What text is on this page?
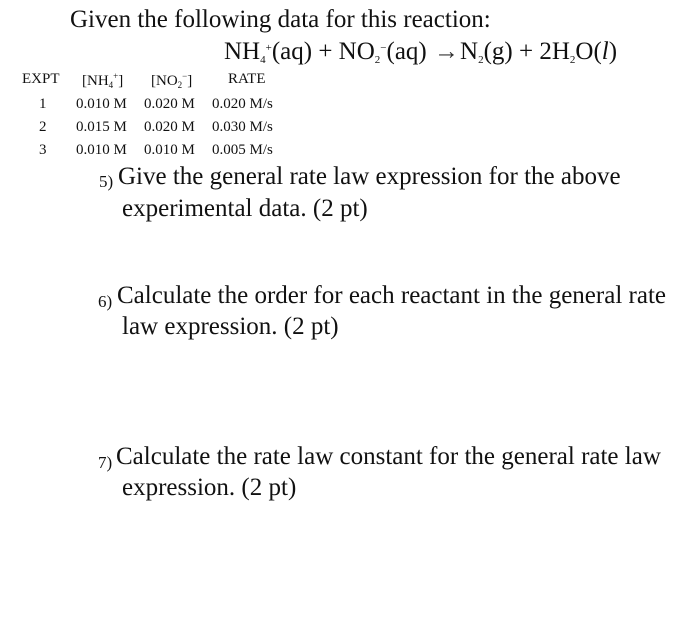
Given the following data for this reaction:
$NH_4^+(aq) + NO_2^-(aq) \to N_2(g) + 2H_2O(l)$
EXPT $[NH_4^+]$ $[NO_2^-]$ RATE
1 0.010 M 0.020 M 0.020 M/s
2 0.015 M 0.020 M 0.030 M/s
3 0.010 M 0.010 M 0.005 M/s
5) Give the general rate law expression for the above
experimental data. (2 pt)
6) Calculate the order for each reactant in the general rate
law expression. (2 pt)
7) Calculate the rate law constant for the general rate law
expression. (2 pt)
